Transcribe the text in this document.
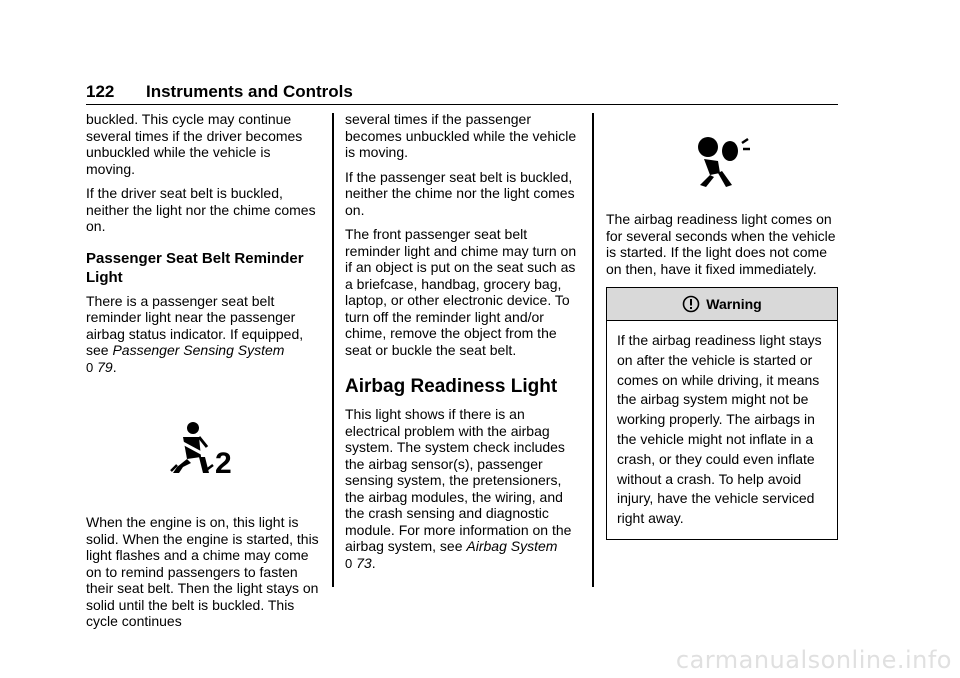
122 Instruments and Controls

buckled. This cycle may continue several times if the driver becomes unbuckled while the vehicle is moving.

If the driver seat belt is buckled, neither the light nor the chime comes on.

Passenger Seat Belt Reminder Light

There is a passenger seat belt reminder light near the passenger airbag status indicator. If equipped, see Passenger Sensing System
0 79.

2

When the engine is on, this light is solid. When the engine is started, this light flashes and a chime may come on to remind passengers to fasten their seat belt. Then the light stays on solid until the belt is buckled. This cycle continues

several times if the passenger becomes unbuckled while the vehicle is moving.

If the passenger seat belt is buckled, neither the chime nor the light comes on.

The front passenger seat belt reminder light and chime may turn on if an object is put on the seat such as a briefcase, handbag, grocery bag, laptop, or other electronic device. To turn off the reminder light and/or chime, remove the object from the seat or buckle the seat belt.

Airbag Readiness Light

This light shows if there is an electrical problem with the airbag system. The system check includes the airbag sensor(s), passenger sensing system, the pretensioners, the airbag modules, the wiring, and the crash sensing and diagnostic module. For more information on the airbag system, see Airbag System
0 73.

The airbag readiness light comes on for several seconds when the vehicle is started. If the light does not come on then, have it fixed immediately.

Warning
If the airbag readiness light stays on after the vehicle is started or comes on while driving, it means the airbag system might not be working properly. The airbags in the vehicle might not inflate in a crash, or they could even inflate without a crash. To help avoid injury, have the vehicle serviced right away.
carmanualsonline.info
